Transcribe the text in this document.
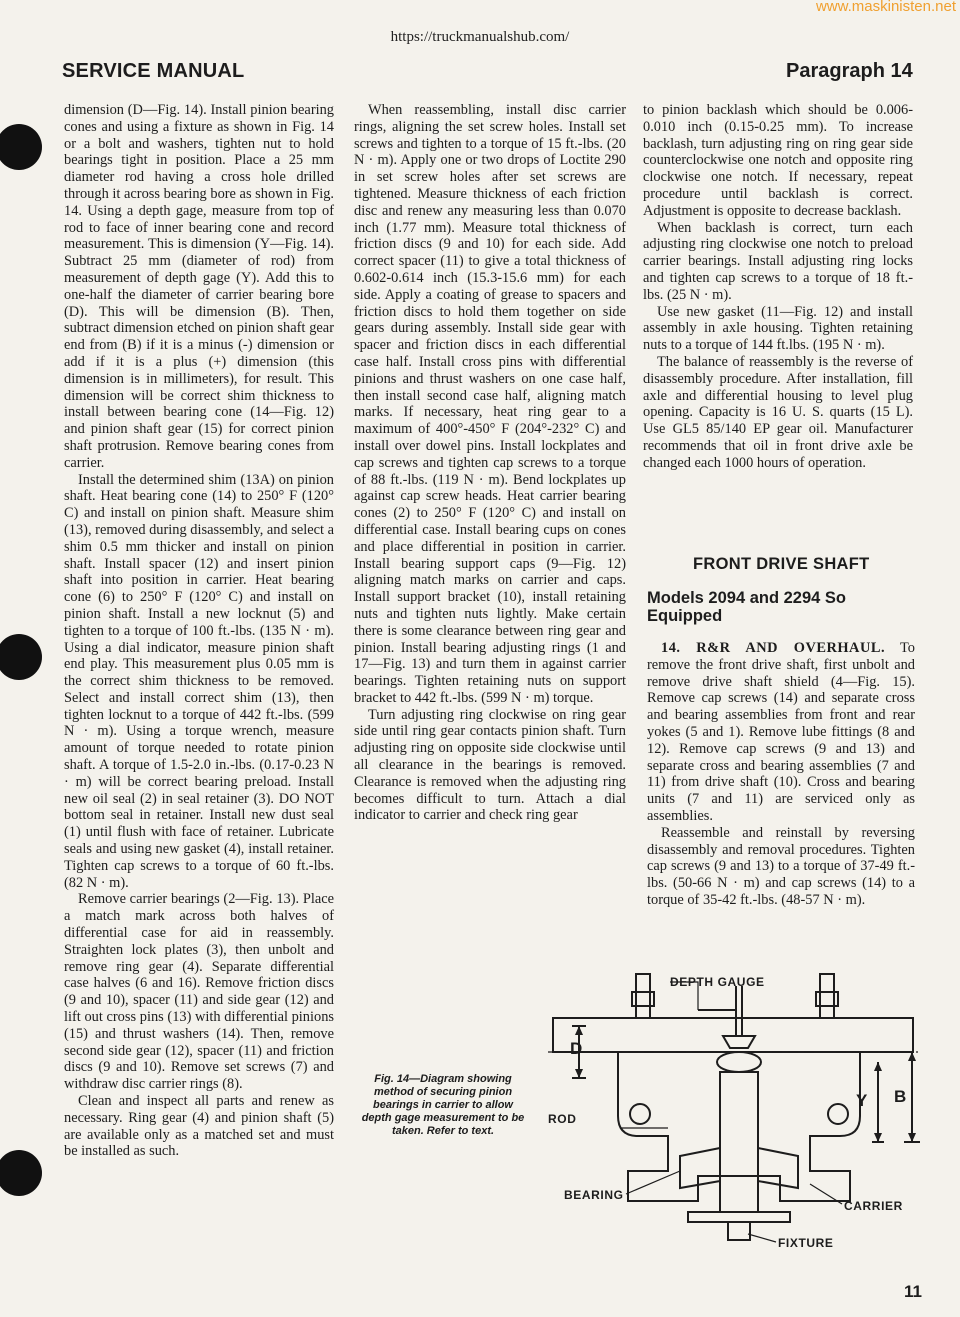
www.maskinisten.net
https://truckmanualshub.com/
SERVICE MANUAL	Paragraph 14

dimension (D—Fig. 14). Install pinion bearing cones and using a fixture as shown in Fig. 14 or a bolt and washers, tighten nut to hold bearings tight in position. Place a 25 mm diameter rod having a cross hole drilled through it across bearing bore as shown in Fig. 14. Using a depth gage, measure from top of rod to face of inner bearing cone and record measurement. This is dimension (Y—Fig. 14). Subtract 25 mm (diameter of rod) from measurement of depth gage (Y). Add this to one-half the diameter of carrier bearing bore (D). This will be dimension (B). Then, subtract dimension etched on pinion shaft gear end from (B) if it is a minus (-) dimension or add if it is a plus (+) dimension (this dimension is in millimeters), for result. This dimension will be correct shim thickness to install between bearing cone (14—Fig. 12) and pinion shaft gear (15) for correct pinion shaft protrusion. Remove bearing cones from carrier.

Install the determined shim (13A) on pinion shaft. Heat bearing cone (14) to 250° F (120° C) and install on pinion shaft. Measure shim (13), removed during disassembly, and select a shim 0.5 mm thicker and install on pinion shaft. Install spacer (12) and insert pinion shaft into position in carrier. Heat bearing cone (6) to 250° F (120° C) and install on pinion shaft. Install a new locknut (5) and tighten to a torque of 100 ft.-lbs. (135 N · m). Using a dial indicator, measure pinion shaft end play. This measurement plus 0.05 mm is the correct shim thickness to be removed. Select and install correct shim (13), then tighten locknut to a torque of 442 ft.-lbs. (599 N · m). Using a torque wrench, measure amount of torque needed to rotate pinion shaft. A torque of 1.5-2.0 in.-lbs. (0.17-0.23 N · m) will be correct bearing preload. Install new oil seal (2) in seal retainer (3). DO NOT bottom seal in retainer. Install new dust seal (1) until flush with face of retainer. Lubricate seals and using new gasket (4), install retainer. Tighten cap screws to a torque of 60 ft.-lbs. (82 N · m).

Remove carrier bearings (2—Fig. 13). Place a match mark across both halves of differential case for aid in reassembly. Straighten lock plates (3), then unbolt and remove ring gear (4). Separate differential case halves (6 and 16). Remove friction discs (9 and 10), spacer (11) and side gear (12) and lift out cross pins (13) with differential pinions (15) and thrust washers (14). Then, remove second side gear (12), spacer (11) and friction discs (9 and 10). Remove set screws (7) and withdraw disc carrier rings (8).

Clean and inspect all parts and renew as necessary. Ring gear (4) and pinion shaft (5) are available only as a matched set and must be installed as such.

When reassembling, install disc carrier rings, aligning the set screw holes. Install set screws and tighten to a torque of 15 ft.-lbs. (20 N · m). Apply one or two drops of Loctite 290 in set screw holes after set screws are tightened. Measure thickness of each friction disc and renew any measuring less than 0.070 inch (1.77 mm). Measure total thickness of friction discs (9 and 10) for each side. Add correct spacer (11) to give a total thickness of 0.602-0.614 inch (15.3-15.6 mm) for each side. Apply a coating of grease to spacers and friction discs to hold them together on side gears during assembly. Install side gear with spacer and friction discs in each differential case half. Install cross pins with differential pinions and thrust washers on one case half, then install second case half, aligning match marks. If necessary, heat ring gear to a maximum of 400°-450° F (204°-232° C) and install over dowel pins. Install lockplates and cap screws and tighten cap screws to a torque of 88 ft.-lbs. (119 N · m). Bend lockplates up against cap screw heads. Heat carrier bearing cones (2) to 250° F (120° C) and install on differential case. Install bearing cups on cones and place differential in position in carrier. Install bearing support caps (9—Fig. 12) aligning match marks on carrier and caps. Install support bracket (10), install retaining nuts and tighten nuts lightly. Make certain there is some clearance between ring gear and pinion. Install bearing adjusting rings (1 and 17—Fig. 13) and turn them in against carrier bearings. Tighten retaining nuts on support bracket to 442 ft.-lbs. (599 N · m) torque.

Turn adjusting ring clockwise on ring gear side until ring gear contacts pinion shaft. Turn adjusting ring on opposite side clockwise until all clearance in the bearings is removed. Clearance is removed when the adjusting ring becomes difficult to turn. Attach a dial indicator to carrier and check ring gear

to pinion backlash which should be 0.006-0.010 inch (0.15-0.25 mm). To increase backlash, turn adjusting ring on ring gear side counterclockwise one notch and opposite ring clockwise one notch. If necessary, repeat procedure until backlash is correct. Adjustment is opposite to decrease backlash.

When backlash is correct, turn each adjusting ring clockwise one notch to preload carrier bearings. Install adjusting ring locks and tighten cap screws to a torque of 18 ft.-lbs. (25 N · m).

Use new gasket (11—Fig. 12) and install assembly in axle housing. Tighten retaining nuts to a torque of 144 ft.lbs. (195 N · m).

The balance of reassembly is the reverse of disassembly procedure. After installation, fill axle and differential housing to level plug opening. Capacity is 16 U. S. quarts (15 L). Use GL5 85/140 EP gear oil. Manufacturer recommends that oil in front drive axle be changed each 1000 hours of operation.

FRONT DRIVE SHAFT
Models 2094 and 2294 So Equipped

14. R&R AND OVERHAUL. To remove the front drive shaft, first unbolt and remove drive shaft shield (4—Fig. 15). Remove cap screws (14) and separate cross and bearing assemblies from front and rear yokes (5 and 1). Remove lube fittings (8 and 12). Remove cap screws (9 and 13) and separate cross and bearing assemblies (7 and 11) from drive shaft (10). Cross and bearing units (7 and 11) are serviced only as assemblies.

Reassemble and reinstall by reversing disassembly and removal procedures. Tighten cap screws (9 and 13) to a torque of 37-49 ft.-lbs. (50-66 N · m) and cap screws (14) to a torque of 35-42 ft.-lbs. (48-57 N · m).

Fig. 14—Diagram showing method of securing pinion bearings in carrier to allow depth gage measurement to be taken. Refer to text.
DEPTH GAUGE
D
ROD
Y B
BEARING
CARRIER
FIXTURE
11
